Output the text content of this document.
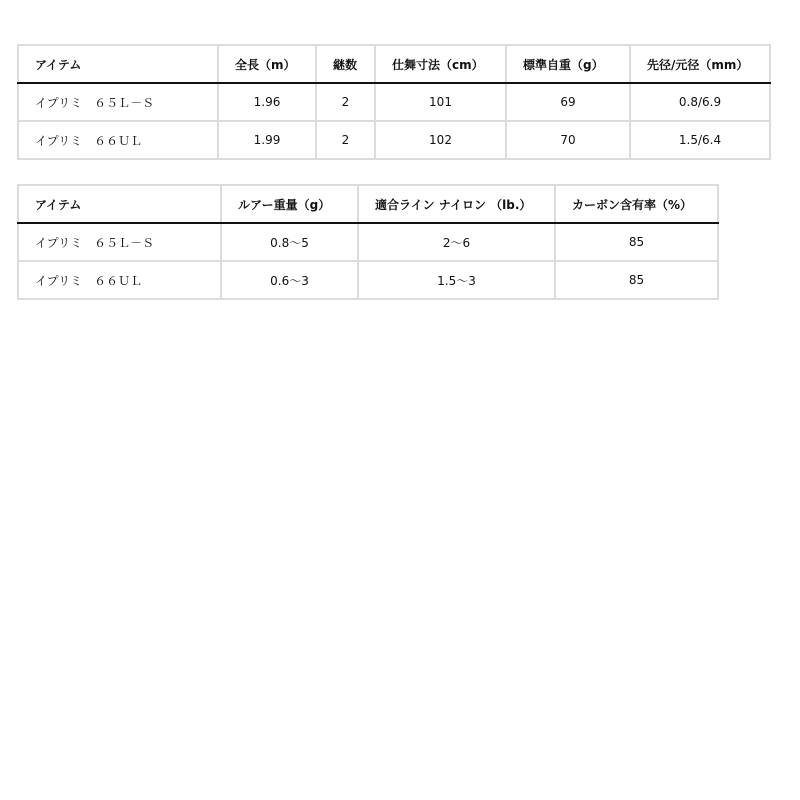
アイテム	全長（m）	継数	仕舞寸法（cm）	標準自重（g）	先径/元径（mm）
イプリミ　６５Ｌ－Ｓ	1.96	2	101	69	0.8/6.9
イプリミ　６６ＵＬ	1.99	2	102	70	1.5/6.4
アイテム	ルアー重量（g）	適合ライン ナイロン （lb.）	カーボン含有率（%）
イプリミ　６５Ｌ－Ｓ	0.8〜5	2〜6	85
イプリミ　６６ＵＬ	0.6〜3	1.5〜3	85
